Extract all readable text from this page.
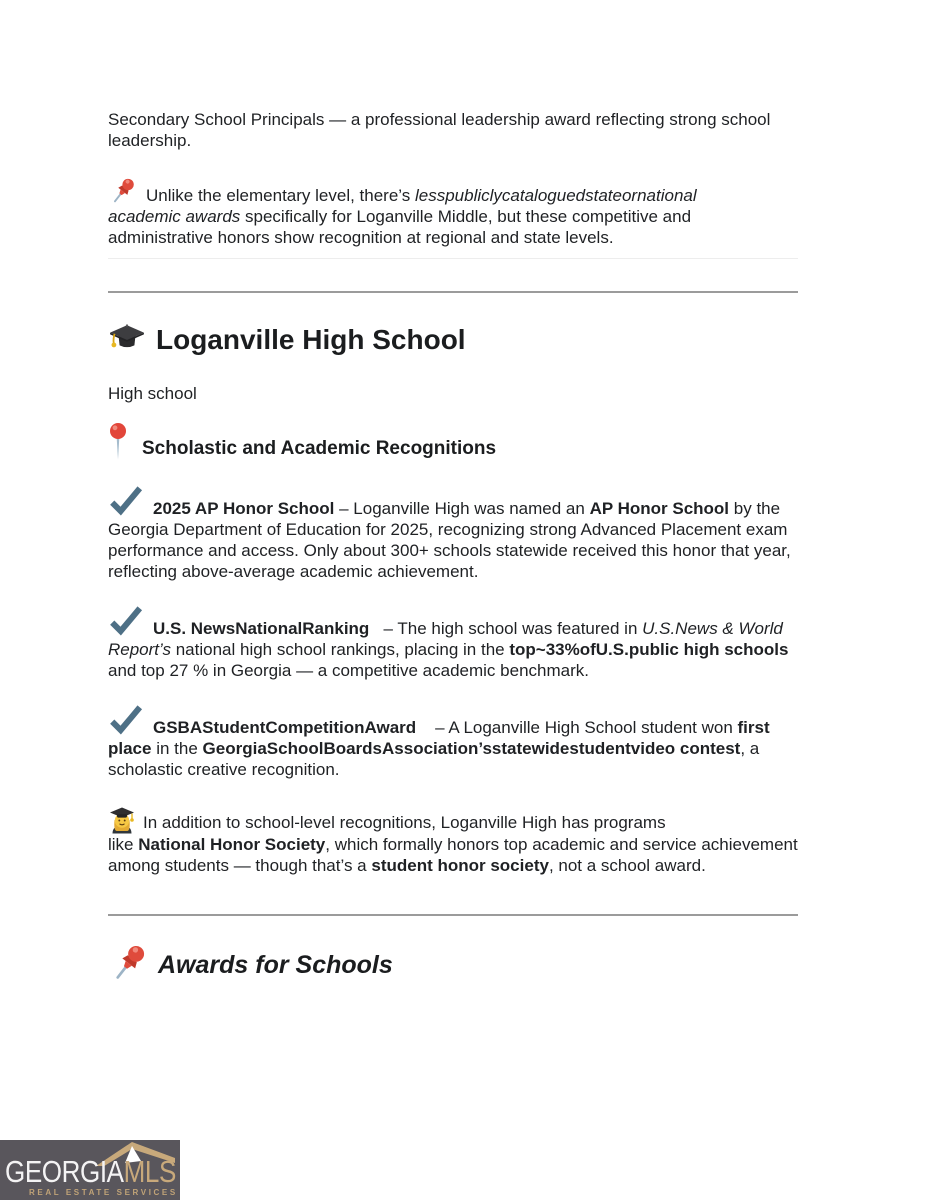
Secondary School Principals — a professional leadership award reflecting strong school leadership.

Unlike the elementary level, there’s lesspubliclycataloguedstateornational
academic awards specifically for Loganville Middle, but these competitive and administrative honors show recognition at regional and state levels.

Loganville High School

High school

Scholastic and Academic Recognitions

2025 AP Honor School – Loganville High was named an AP Honor School by the Georgia Department of Education for 2025, recognizing strong Advanced Placement exam performance and access. Only about 300+ schools statewide received this honor that year, reflecting above-average academic achievement.

U.S. NewsNationalRanking   – The high school was featured in U.S.News & World Report’s national high school rankings, placing in the top~33%ofU.S.public high schools and top 27 % in Georgia — a competitive academic benchmark.

GSBAStudentCompetitionAward    – A Loganville High School student won first place in the GeorgiaSchoolBoardsAssociation’sstatewidestudentvideo contest, a scholastic creative recognition.

In addition to school-level recognitions, Loganville High has programs
like National Honor Society, which formally honors top academic and service achievement among students — though that’s a student honor society, not a school award.

Awards for Schools
GEORGIAMLS
REAL ESTATE SERVICES
